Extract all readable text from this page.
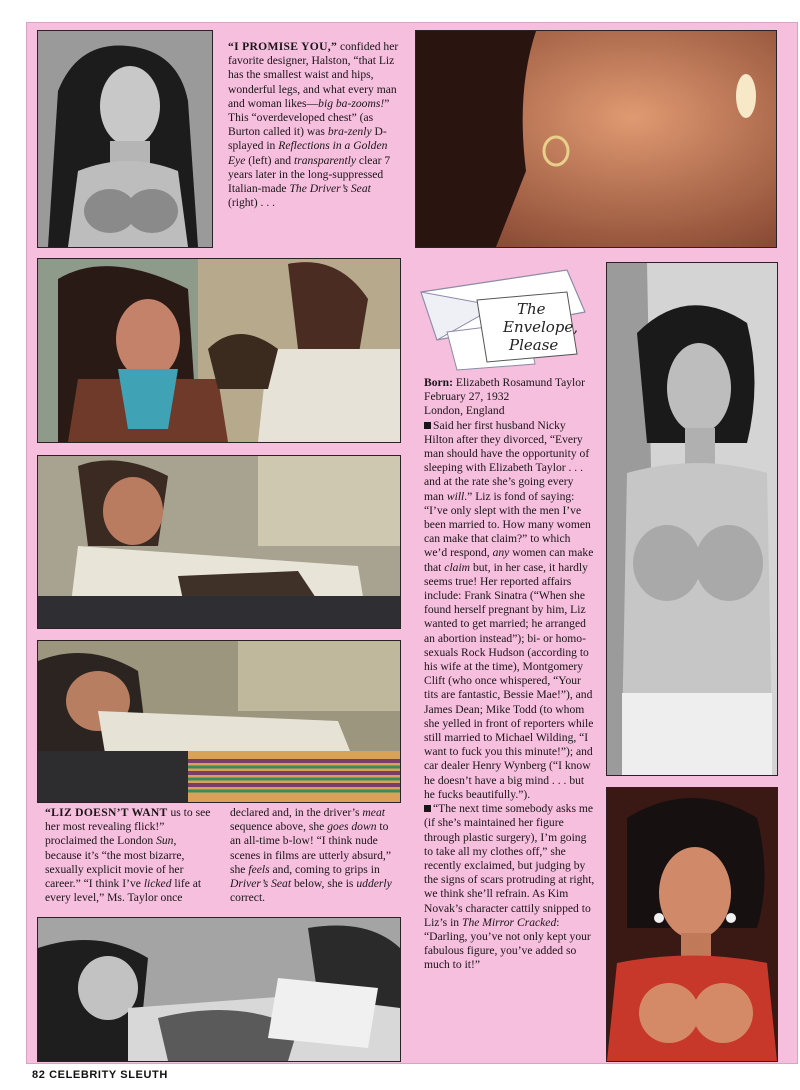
“I PROMISE YOU,” confided her favorite designer, Halston, “that Liz has the smallest waist and hips, wonderful legs, and what every man and woman likes—big ba-zooms!” This “overdeveloped chest” (as Burton called it) was bra-zenly D-splayed in Reflections in a Golden Eye (left) and transparently clear 7 years later in the long-suppressed Italian-made The Driver’s Seat (right) . . .

The
Envelope,
Please

Born: Elizabeth Rosamund Taylor

February 27, 1932

London, England

Said her first husband Nicky Hilton after they divorced, “Every man should have the opportunity of sleeping with Elizabeth Taylor . . . and at the rate she’s going every man will.” Liz is fond of saying: “I’ve only slept with the men I’ve been married to. How many women can make that claim?” to which we’d respond, any women can make that claim but, in her case, it hardly seems true! Her reported affairs include: Frank Sinatra (“When she found herself pregnant by him, Liz wanted to get married; he arranged an abortion instead”); bi- or homo- sexuals Rock Hudson (according to his wife at the time), Montgomery Clift (who once whispered, “Your tits are fantastic, Bessie Mae!”), and James Dean; Mike Todd (to whom she yelled in front of reporters while still married to Michael Wilding, “I want to fuck you this minute!”); and car dealer Henry Wynberg (“I know he doesn’t have a big mind . . . but he fucks beautifully.”).

“The next time somebody asks me (if she’s maintained her figure through plastic surgery), I’m going to take all my clothes off,” she recently exclaimed, but judging by the signs of scars protruding at right, we think she’ll refrain. As Kim Novak’s character cattily snipped to Liz’s in The Mirror Cracked: “Darling, you’ve not only kept your fabulous figure, you’ve added so much to it!”

“LIZ DOESN’T WANT us to see her most revealing flick!” proclaimed the London Sun, because it’s “the most bizarre, sexually explicit movie of her career.” “I think I’ve licked life at every level,” Ms. Taylor once

declared and, in the driver’s meat sequence above, she goes down to an all-time b-low! “I think nude scenes in films are utterly absurd,” she feels and, coming to grips in Driver’s Seat below, she is udderly correct.

82 CELEBRITY SLEUTH
